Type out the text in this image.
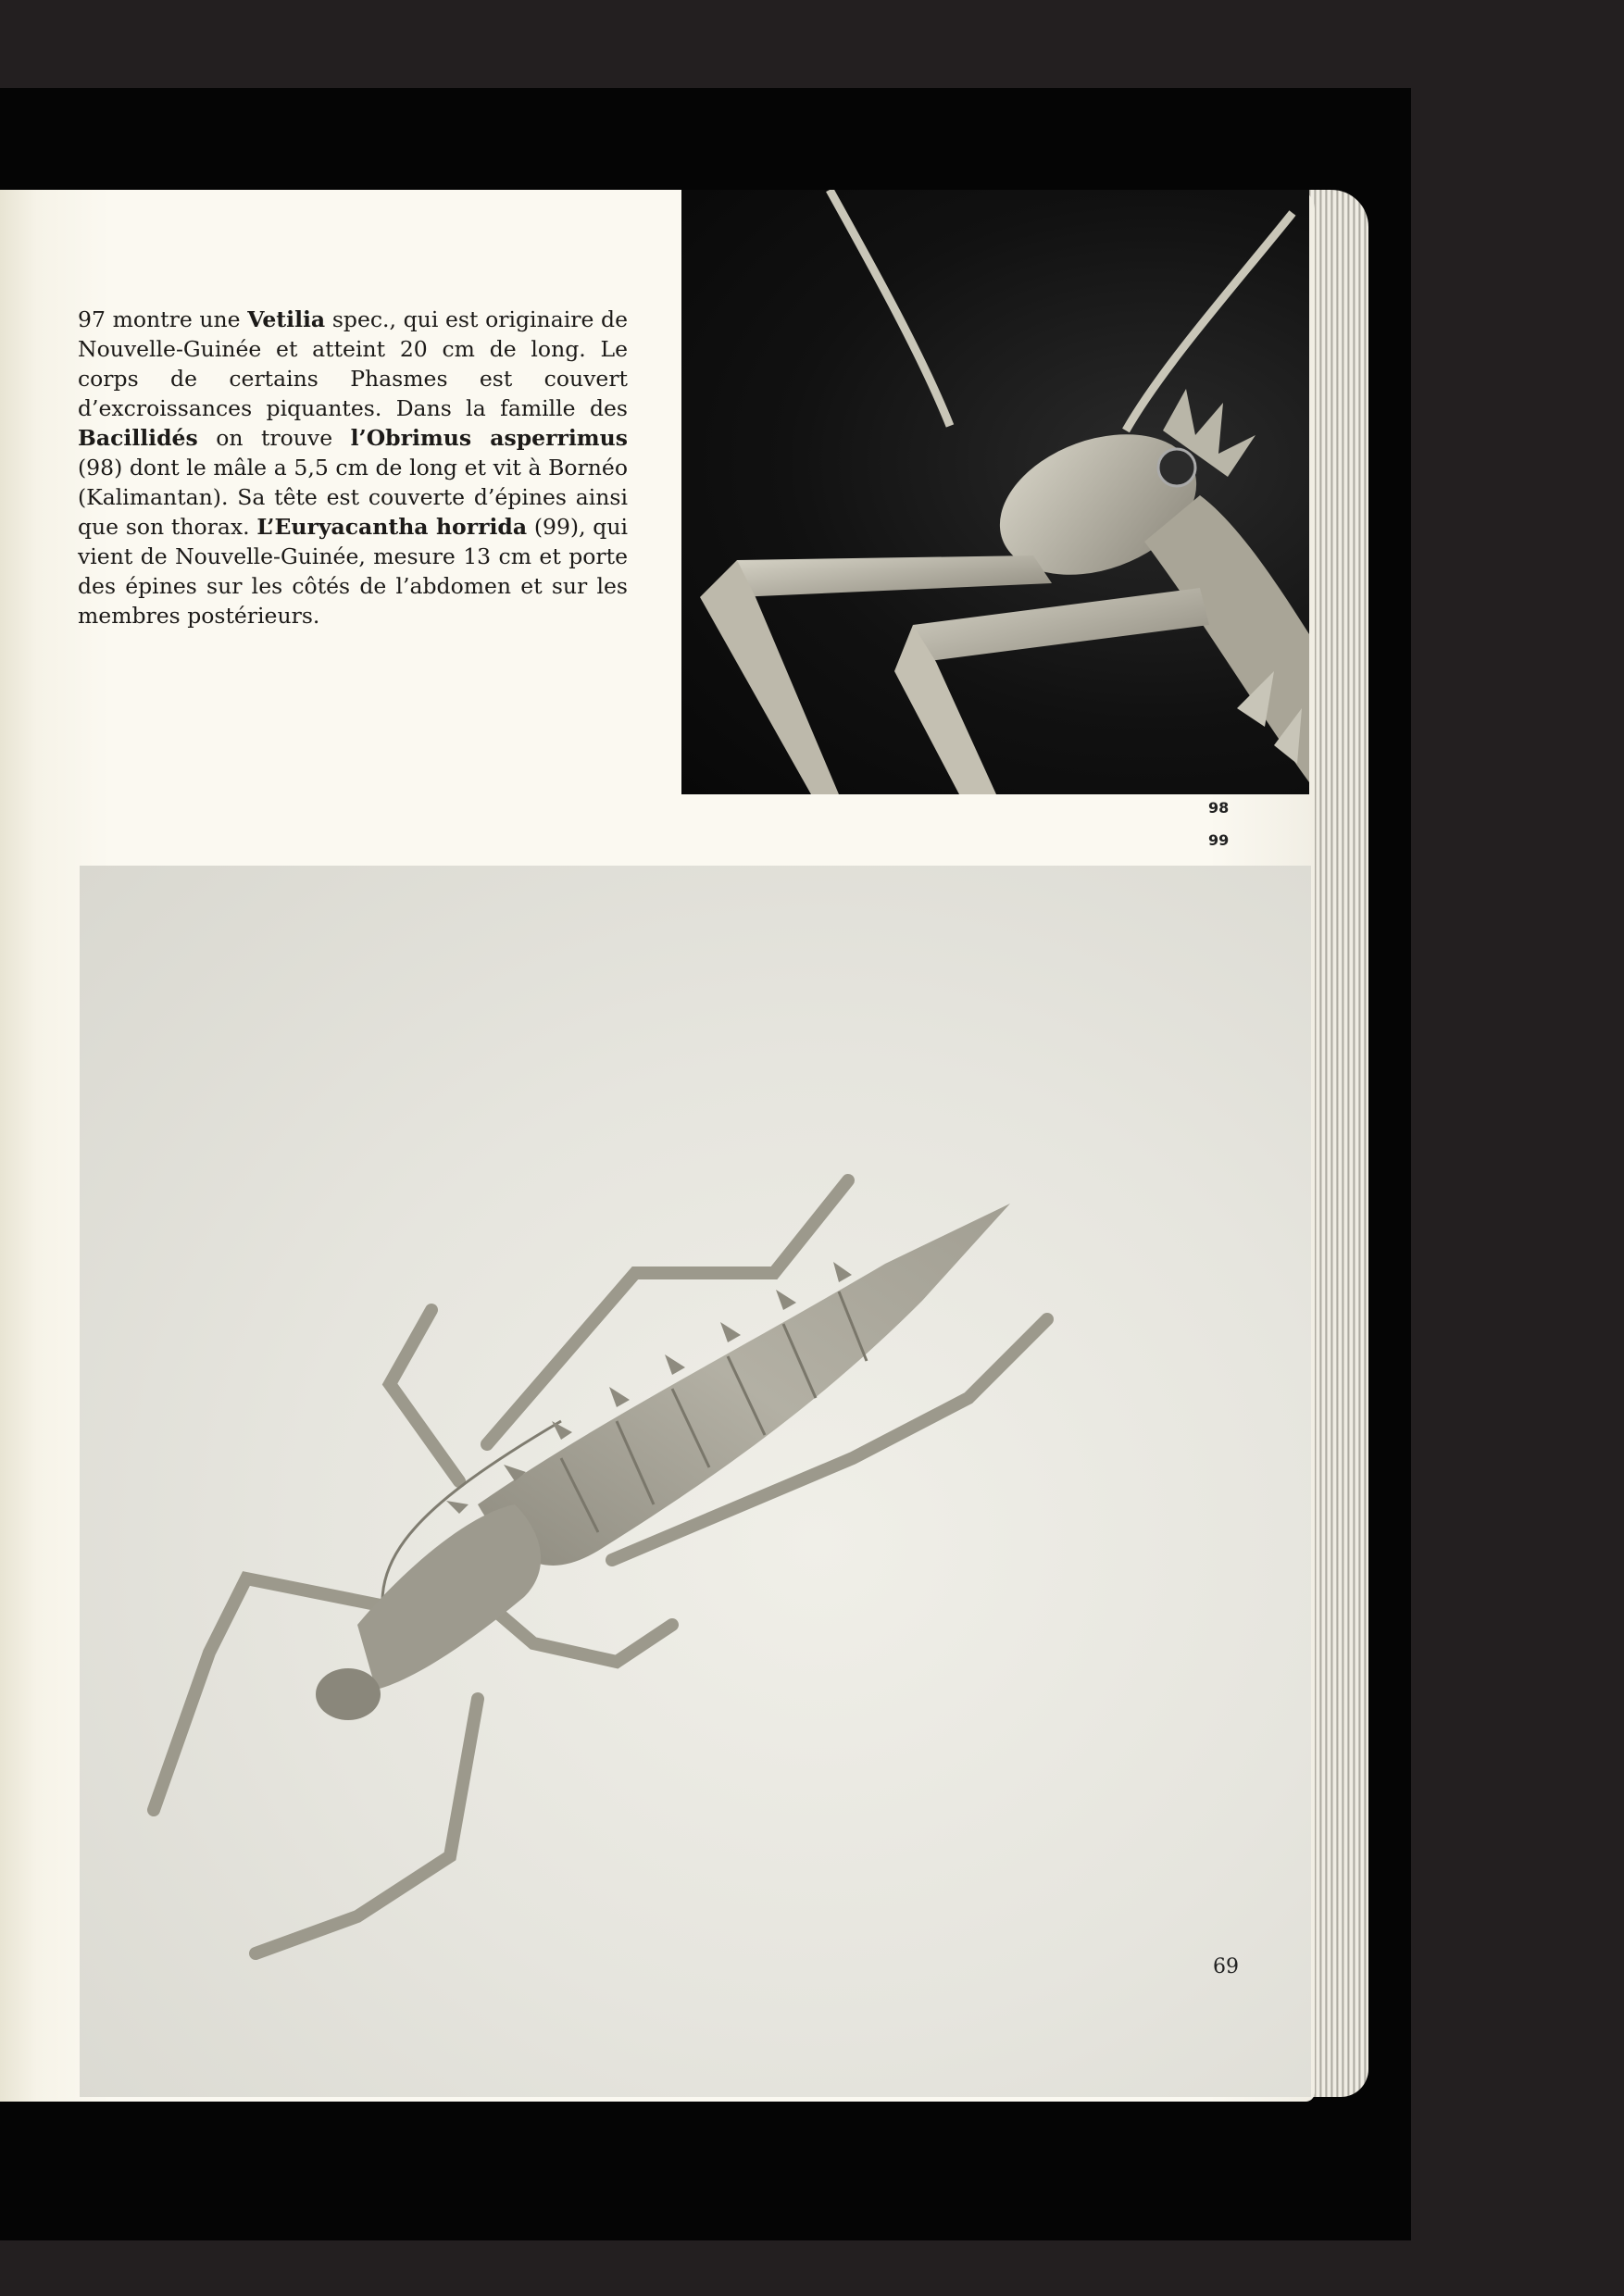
97 montre une Vetilia spec., qui est originaire de Nouvelle-Guinée et atteint 20 cm de long. Le corps de certains Phasmes est couvert d’excroissances piquantes. Dans la famille des Bacillidés on trouve l’Obrimus asperrimus (98) dont le mâle a 5,5 cm de long et vit à Bornéo (Kalimantan). Sa tête est couverte d’épines ainsi que son thorax. L’Euryacantha horrida (99), qui vient de Nouvelle-Guinée, mesure 13 cm et porte des épines sur les côtés de l’abdomen et sur les membres postérieurs.

98
99
69
